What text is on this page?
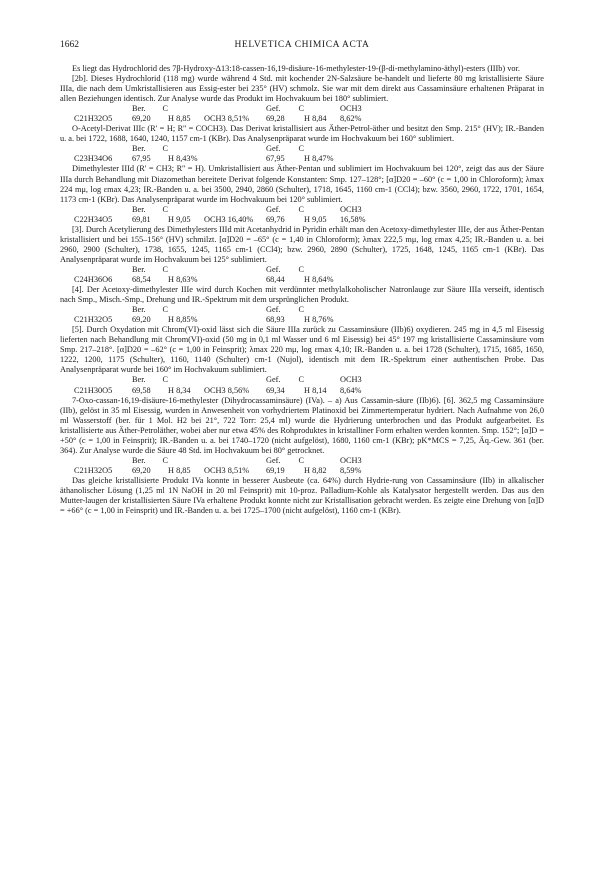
1662	HELVETICA CHIMICA ACTA

Es liegt das Hydrochlorid des 7β-Hydroxy-Δ13:18-cassen-16,19-disäure-16-methylester-19-(β-di-methylamino-äthyl)-esters (IIIb) vor.

[2b]. Dieses Hydrochlorid (118 mg) wurde während 4 Std. mit kochender 2N-Salzsäure be-handelt und lieferte 80 mg kristallisierte Säure IIIa, die nach dem Umkristallisieren aus Essig-ester bei 235° (HV) schmolz. Sie war mit dem direkt aus Cassaminsäure erhaltenen Präparat in allen Beziehungen identisch. Zur Analyse wurde das Produkt im Hochvakuum bei 180° sublimiert.

C21H32O5Ber. C 69,20 H 8,85 OCH3 8,51%Gef. C 69,28 H 8,84OCH3 8,62%

O-Acetyl-Derivat IIIc (R' = H; R'' = COCH3). Das Derivat kristallisiert aus Äther-Petrol-äther und besitzt den Smp. 215° (HV); IR.-Banden u. a. bei 1722, 1688, 1640, 1240, 1157 cm-1 (KBr). Das Analysenpräparat wurde im Hochvakuum bei 160° sublimiert.

C23H34O6Ber. C 67,95 H 8,43%Gef. C 67,95 H 8,47%

Dimethylester IIId (R' = CH3; R'' = H). Umkristallisiert aus Äther-Pentan und sublimiert im Hochvakuum bei 120°, zeigt das aus der Säure IIIa durch Behandlung mit Diazomethan bereitete Derivat folgende Konstanten: Smp. 127–128°; [α]D20 = –60° (c = 1,00 in Chloroform); λmax 224 mμ, log εmax 4,23; IR.-Banden u. a. bei 3500, 2940, 2860 (Schulter), 1718, 1645, 1160 cm-1 (CCl4); bzw. 3560, 2960, 1722, 1701, 1654, 1173 cm-1 (KBr). Das Analysenpräparat wurde im Hochvakuum bei 120° sublimiert.

C22H34O5Ber. C 69,81 H 9,05 OCH3 16,40%Gef. C 69,76 H 9,05OCH3 16,58%

[3]. Durch Acetylierung des Dimethylesters IIId mit Acetanhydrid in Pyridin erhält man den Acetoxy-dimethylester IIIe, der aus Äther-Pentan kristallisiert und bei 155–156° (HV) schmilzt. [α]D20 = –65° (c = 1,40 in Chloroform); λmax 222,5 mμ, log εmax 4,25; IR.-Banden u. a. bei 2960, 2900 (Schulter), 1738, 1655, 1245, 1165 cm-1 (CCl4); bzw. 2960, 2890 (Schulter), 1725, 1648, 1245, 1165 cm-1 (KBr). Das Analysenpräparat wurde im Hochvakuum bei 125° sublimiert.

C24H36O6Ber. C 68,54 H 8,63%Gef. C 68,44 H 8,64%

[4]. Der Acetoxy-dimethylester IIIe wird durch Kochen mit verdünnter methylalkoholischer Natronlauge zur Säure IIIa verseift, identisch nach Smp., Misch.-Smp., Drehung und IR.-Spektrum mit dem ursprünglichen Produkt.

C21H32O5Ber. C 69,20 H 8,85%Gef. C 68,93 H 8,76%

[5]. Durch Oxydation mit Chrom(VI)-oxid lässt sich die Säure IIIa zurück zu Cassaminsäure (IIb)6) oxydieren. 245 mg in 4,5 ml Eisessig lieferten nach Behandlung mit Chrom(VI)-oxid (50 mg in 0,1 ml Wasser und 6 ml Eisessig) bei 45° 197 mg kristallisierte Cassaminsäure vom Smp. 217–218°. [α]D20 = –62° (c = 1,00 in Feinsprit); λmax 220 mμ, log εmax 4,10; IR.-Banden u. a. bei 1728 (Schulter), 1715, 1685, 1650, 1222, 1200, 1175 (Schulter), 1160, 1140 (Schulter) cm-1 (Nujol), identisch mit dem IR.-Spektrum einer authentischen Probe. Das Analysenpräparat wurde bei 160° im Hochvakuum sublimiert.

C21H30O5Ber. C 69,58 H 8,34 OCH3 8,56%Gef. C 69,34 H 8,14OCH3 8,64%

7-Oxo-cassan-16,19-disäure-16-methylester (Dihydrocassaminsäure) (IVa). – a) Aus Cassamin-säure (IIb)6). [6]. 362,5 mg Cassaminsäure (IIb), gelöst in 35 ml Eisessig, wurden in Anwesenheit von vorhydriertem Platinoxid bei Zimmertemperatur hydriert. Nach Aufnahme von 26,0 ml Wasserstoff (ber. für 1 Mol. H2 bei 21°, 722 Torr: 25,4 ml) wurde die Hydrierung unterbrochen und das Produkt aufgearbeitet. Es kristallisierte aus Äther-Petroläther, wobei aber nur etwa 45% des Rohproduktes in kristalliner Form erhalten werden konnten. Smp. 152°; [α]D = +50° (c = 1,00 in Feinsprit); IR.-Banden u. a. bei 1740–1720 (nicht aufgelöst), 1680, 1160 cm-1 (KBr); pK*MCS = 7,25, Äq.-Gew. 361 (ber. 364). Zur Analyse wurde die Säure 48 Std. im Hochvakuum bei 80° getrocknet.

C21H32O5Ber. C 69,20 H 8,85 OCH3 8,51%Gef. C 69,19 H 8,82OCH3 8,59%

Das gleiche kristallisierte Produkt IVa konnte in besserer Ausbeute (ca. 64%) durch Hydrie-rung von Cassaminsäure (IIb) in alkalischer äthanolischer Lösung (1,25 ml 1N NaOH in 20 ml Feinsprit) mit 10-proz. Palladium-Kohle als Katalysator hergestellt werden. Das aus den Mutter-laugen der kristallisierten Säure IVa erhaltene Produkt konnte nicht zur Kristallisation gebracht werden. Es zeigte eine Drehung von [α]D = +66° (c = 1,00 in Feinsprit) und IR.-Banden u. a. bei 1725–1700 (nicht aufgelöst), 1160 cm-1 (KBr).
